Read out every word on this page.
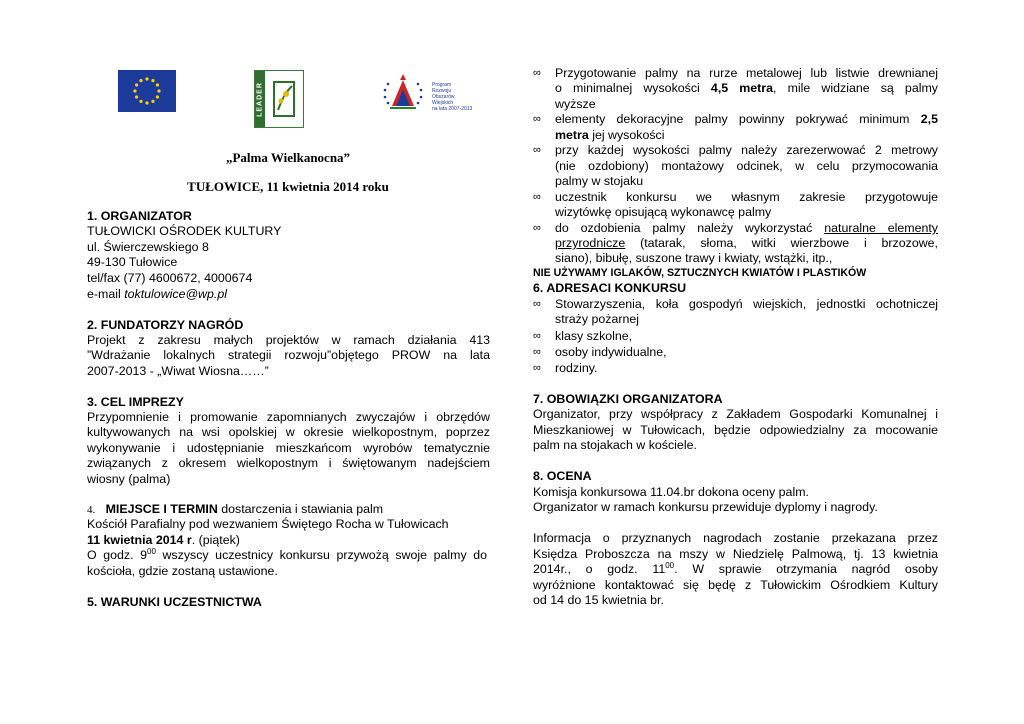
LEADER	Program
Rozwoju
Obszarów
Wiejskich
na lata 2007-2013
„Palma Wielkanocna”
TUŁOWICE, 11 kwietnia 2014 roku
1. ORGANIZATOR
TUŁOWICKI OŚRODEK KULTURY
ul. Świerczewskiego 8
49-130 Tułowice
tel/fax (77) 4600672, 4000674
e-mail toktulowice@wp.pl
2. FUNDATORZY NAGRÓD
Projekt z zakresu małych projektów w ramach działania 413
”Wdrażanie lokalnych strategii rozwoju”objętego PROW na lata
2007-2013 - „Wiwat Wiosna……”
3. CEL IMPREZY
Przypomnienie i promowanie zapomnianych zwyczajów i obrzędów
kultywowanych na wsi opolskiej w okresie wielkopostnym, poprzez
wykonywanie i udostępnianie mieszkańcom wyrobów tematycznie
związanych z okresem wielkopostnym i świętowanym nadejściem
wiosny (palma)
4. MIEJSCE I TERMIN dostarczenia i stawiania palm
Kościół Parafialny pod wezwaniem Świętego Rocha w Tułowicach
11 kwietnia 2014 r. (piątek)
O godz. $9^{00}$ wszyscy uczestnicy konkursu przywożą swoje palmy do
kościoła, gdzie zostaną ustawione.
5. WARUNKI UCZESTNICTWA
∞ Przygotowanie palmy na rurze metalowej lub listwie drewnianej
o minimalnej wysokości 4,5 metra, mile widziane są palmy
wyższe
∞ elementy dekoracyjne palmy powinny pokrywać minimum 2,5
metra jej wysokości
∞ przy każdej wysokości palmy należy zarezerwować 2 metrowy
(nie ozdobiony) montażowy odcinek, w celu przymocowania
palmy w stojaku
∞ uczestnik konkursu we własnym zakresie przygotowuje
wizytówkę opisującą wykonawcę palmy
∞ do ozdobienia palmy należy wykorzystać naturalne elementy
przyrodnicze (tatarak, słoma, witki wierzbowe i brzozowe,
siano), bibułę, suszone trawy i kwiaty, wstążki, itp.,
NIE UŻYWAMY IGLAKÓW, SZTUCZNYCH KWIATÓW I PLASTIKÓW
6. ADRESACI KONKURSU
∞ Stowarzyszenia, koła gospodyń wiejskich, jednostki ochotniczej
straży pożarnej
∞ klasy szkolne,
∞ osoby indywidualne,
∞ rodziny.
7. OBOWIĄZKI ORGANIZATORA
Organizator, przy współpracy z Zakładem Gospodarki Komunalnej i
Mieszkaniowej w Tułowicach, będzie odpowiedzialny za mocowanie
palm na stojakach w kościele.
8. OCENA
Komisja konkursowa 11.04.br dokona oceny palm.
Organizator w ramach konkursu przewiduje dyplomy i nagrody.
Informacja o przyznanych nagrodach zostanie przekazana przez
Księdza Proboszcza na mszy w Niedzielę Palmową, tj. 13 kwietnia
2014r., o godz. $11^{00}$. W sprawie otrzymania nagród osoby
wyróżnione kontaktować się będę z Tułowickim Ośrodkiem Kultury
od 14 do 15 kwietnia br.
